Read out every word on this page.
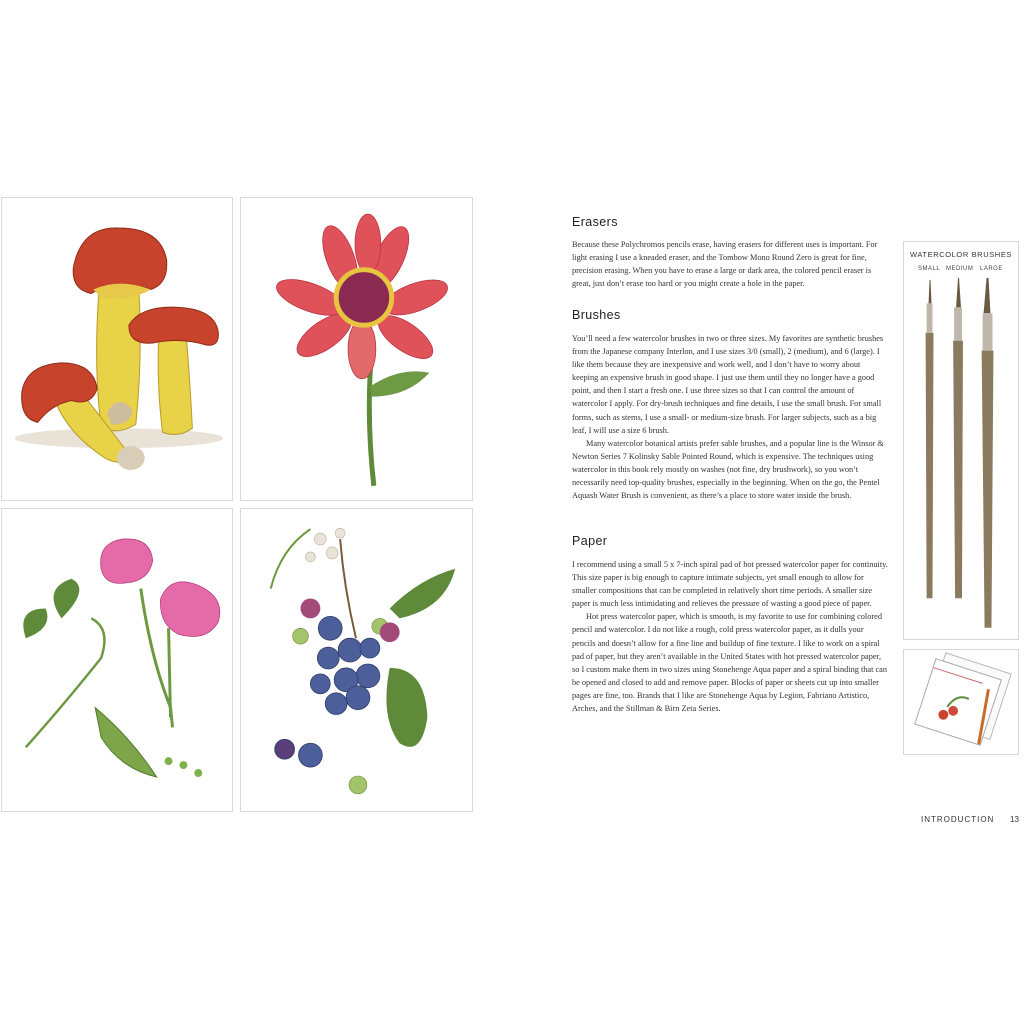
Erasers

Because these Polychromos pencils erase, having erasers for different uses is important. For light erasing I use a kneaded eraser, and the Tombow Mono Round Zero is great for fine, precision erasing. When you have to erase a large or dark area, the colored pencil eraser is great, just don’t erase too hard or you might create a hole in the paper.

Brushes

You’ll need a few watercolor brushes in two or three sizes. My favorites are synthetic brushes from the Japanese company Interlon, and I use sizes 3/0 (small), 2 (medium), and 6 (large). I like them because they are inexpensive and work well, and I don’t have to worry about keeping an expensive brush in good shape. I just use them until they no longer have a good point, and then I start a fresh one. I use three sizes so that I can control the amount of watercolor I apply. For dry-brush techniques and fine details, I use the small brush. For small forms, such as stems, I use a small- or medium-size brush. For larger subjects, such as a big leaf, I will use a size 6 brush.
Many watercolor botanical artists prefer sable brushes, and a popular line is the Winsor & Newton Series 7 Kolinsky Sable Pointed Round, which is expensive. The techniques using watercolor in this book rely mostly on washes (not fine, dry brushwork), so you won’t necessarily need top-quality brushes, especially in the beginning. When on the go, the Pentel Aquash Water Brush is convenient, as there’s a place to store water inside the brush.

Paper

I recommend using a small 5 x 7-inch spiral pad of hot pressed watercolor paper for continuity. This size paper is big enough to capture intimate subjects, yet small enough to allow for smaller compositions that can be completed in relatively short time periods. A smaller size paper is much less intimidating and relieves the pressure of wasting a good piece of paper.
Hot press watercolor paper, which is smooth, is my favorite to use for combining colored pencil and watercolor. I do not like a rough, cold press watercolor paper, as it dulls your pencils and doesn’t allow for a fine line and buildup of fine texture. I like to work on a spiral pad of paper, but they aren’t available in the United States with hot pressed watercolor paper, so I custom make them in two sizes using Stonehenge Aqua paper and a spiral binding that can be opened and closed to add and remove paper. Blocks of paper or sheets cut up into smaller pages are fine, too. Brands that I like are Stonehenge Aqua by Legion, Fabriano Artistico, Arches, and the Stillman & Birn Zeta Series.

WATERCOLOR BRUSHES
SMALL MEDIUM LARGE
INTRODUCTION 13
